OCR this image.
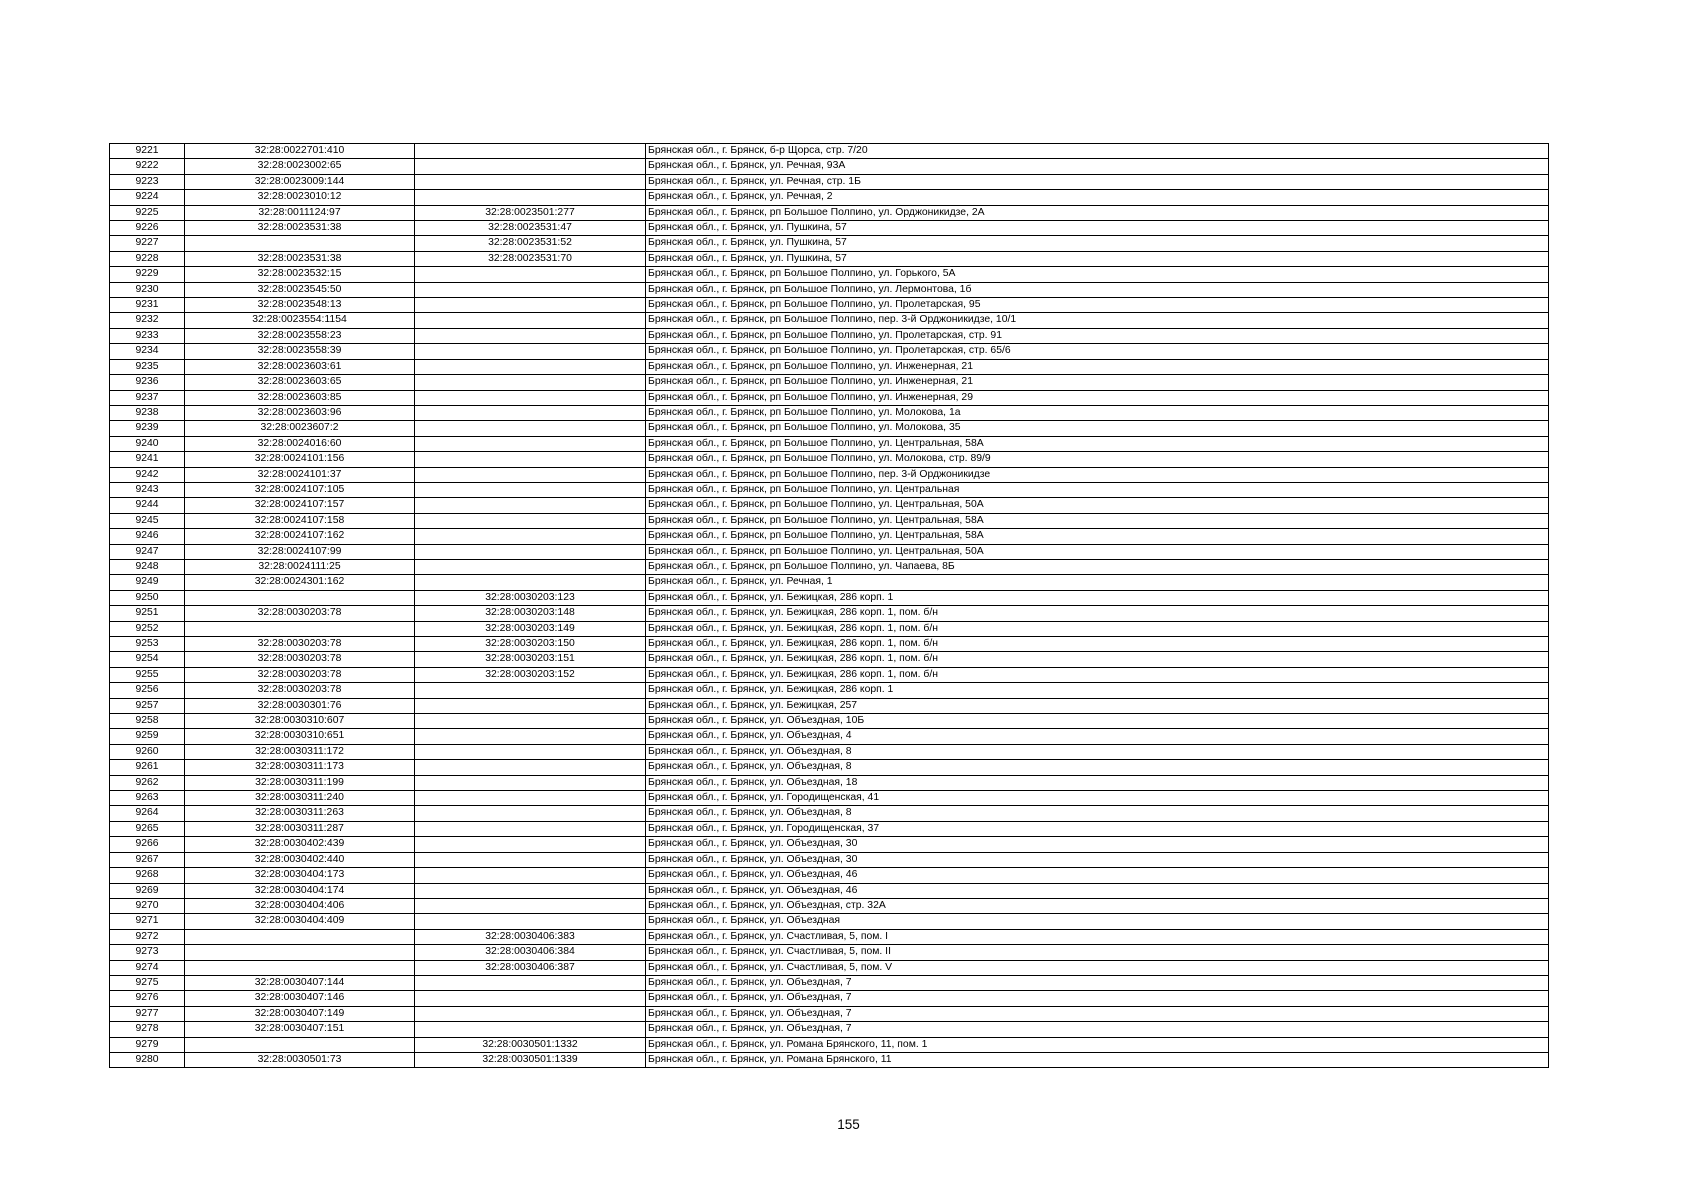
9221	32:28:0022701:410		Брянская обл., г. Брянск, б-р Щорса, стр. 7/20
9222	32:28:0023002:65		Брянская обл., г. Брянск, ул. Речная, 93А
9223	32:28:0023009:144		Брянская обл., г. Брянск, ул. Речная, стр. 1Б
9224	32:28:0023010:12		Брянская обл., г. Брянск, ул. Речная, 2
9225	32:28:0011124:97	32:28:0023501:277	Брянская обл., г. Брянск, рп Большое Полпино, ул. Орджоникидзе, 2А
9226	32:28:0023531:38	32:28:0023531:47	Брянская обл., г. Брянск, ул. Пушкина, 57
9227		32:28:0023531:52	Брянская обл., г. Брянск, ул. Пушкина, 57
9228	32:28:0023531:38	32:28:0023531:70	Брянская обл., г. Брянск, ул. Пушкина, 57
9229	32:28:0023532:15		Брянская обл., г. Брянск, рп Большое Полпино, ул. Горького, 5А
9230	32:28:0023545:50		Брянская обл., г. Брянск, рп Большое Полпино, ул. Лермонтова, 1б
9231	32:28:0023548:13		Брянская обл., г. Брянск, рп Большое Полпино, ул. Пролетарская, 95
9232	32:28:0023554:1154		Брянская обл., г. Брянск, рп Большое Полпино, пер. 3-й Орджоникидзе, 10/1
9233	32:28:0023558:23		Брянская обл., г. Брянск, рп Большое Полпино, ул. Пролетарская, стр. 91
9234	32:28:0023558:39		Брянская обл., г. Брянск, рп Большое Полпино, ул. Пролетарская, стр. 65/6
9235	32:28:0023603:61		Брянская обл., г. Брянск, рп Большое Полпино, ул. Инженерная, 21
9236	32:28:0023603:65		Брянская обл., г. Брянск, рп Большое Полпино, ул. Инженерная, 21
9237	32:28:0023603:85		Брянская обл., г. Брянск, рп Большое Полпино, ул. Инженерная, 29
9238	32:28:0023603:96		Брянская обл., г. Брянск, рп Большое Полпино, ул. Молокова, 1а
9239	32:28:0023607:2		Брянская обл., г. Брянск, рп Большое Полпино, ул. Молокова, 35
9240	32:28:0024016:60		Брянская обл., г. Брянск, рп Большое Полпино, ул. Центральная, 58А
9241	32:28:0024101:156		Брянская обл., г. Брянск, рп Большое Полпино, ул. Молокова, стр. 89/9
9242	32:28:0024101:37		Брянская обл., г. Брянск, рп Большое Полпино, пер. 3-й Орджоникидзе
9243	32:28:0024107:105		Брянская обл., г. Брянск, рп Большое Полпино, ул. Центральная
9244	32:28:0024107:157		Брянская обл., г. Брянск, рп Большое Полпино, ул. Центральная, 50А
9245	32:28:0024107:158		Брянская обл., г. Брянск, рп Большое Полпино, ул. Центральная, 58А
9246	32:28:0024107:162		Брянская обл., г. Брянск, рп Большое Полпино, ул. Центральная, 58А
9247	32:28:0024107:99		Брянская обл., г. Брянск, рп Большое Полпино, ул. Центральная, 50А
9248	32:28:0024111:25		Брянская обл., г. Брянск, рп Большое Полпино, ул. Чапаева, 8Б
9249	32:28:0024301:162		Брянская обл., г. Брянск, ул. Речная, 1
9250		32:28:0030203:123	Брянская обл., г. Брянск, ул. Бежицкая, 286 корп. 1
9251	32:28:0030203:78	32:28:0030203:148	Брянская обл., г. Брянск, ул. Бежицкая, 286 корп. 1, пом. б/н
9252		32:28:0030203:149	Брянская обл., г. Брянск, ул. Бежицкая, 286 корп. 1, пом. б/н
9253	32:28:0030203:78	32:28:0030203:150	Брянская обл., г. Брянск, ул. Бежицкая, 286 корп. 1, пом. б/н
9254	32:28:0030203:78	32:28:0030203:151	Брянская обл., г. Брянск, ул. Бежицкая, 286 корп. 1, пом. б/н
9255	32:28:0030203:78	32:28:0030203:152	Брянская обл., г. Брянск, ул. Бежицкая, 286 корп. 1, пом. б/н
9256	32:28:0030203:78		Брянская обл., г. Брянск, ул. Бежицкая, 286 корп. 1
9257	32:28:0030301:76		Брянская обл., г. Брянск, ул. Бежицкая, 257
9258	32:28:0030310:607		Брянская обл., г. Брянск, ул. Объездная, 10Б
9259	32:28:0030310:651		Брянская обл., г. Брянск, ул. Объездная, 4
9260	32:28:0030311:172		Брянская обл., г. Брянск, ул. Объездная, 8
9261	32:28:0030311:173		Брянская обл., г. Брянск, ул. Объездная, 8
9262	32:28:0030311:199		Брянская обл., г. Брянск, ул. Объездная, 18
9263	32:28:0030311:240		Брянская обл., г. Брянск, ул. Городищенская, 41
9264	32:28:0030311:263		Брянская обл., г. Брянск, ул. Объездная, 8
9265	32:28:0030311:287		Брянская обл., г. Брянск, ул. Городищенская, 37
9266	32:28:0030402:439		Брянская обл., г. Брянск, ул. Объездная, 30
9267	32:28:0030402:440		Брянская обл., г. Брянск, ул. Объездная, 30
9268	32:28:0030404:173		Брянская обл., г. Брянск, ул. Объездная, 46
9269	32:28:0030404:174		Брянская обл., г. Брянск, ул. Объездная, 46
9270	32:28:0030404:406		Брянская обл., г. Брянск, ул. Объездная, стр. 32А
9271	32:28:0030404:409		Брянская обл., г. Брянск, ул. Объездная
9272		32:28:0030406:383	Брянская обл., г. Брянск, ул. Счастливая, 5, пом. I
9273		32:28:0030406:384	Брянская обл., г. Брянск, ул. Счастливая, 5, пом. II
9274		32:28:0030406:387	Брянская обл., г. Брянск, ул. Счастливая, 5, пом. V
9275	32:28:0030407:144		Брянская обл., г. Брянск, ул. Объездная, 7
9276	32:28:0030407:146		Брянская обл., г. Брянск, ул. Объездная, 7
9277	32:28:0030407:149		Брянская обл., г. Брянск, ул. Объездная, 7
9278	32:28:0030407:151		Брянская обл., г. Брянск, ул. Объездная, 7
9279		32:28:0030501:1332	Брянская обл., г. Брянск, ул. Романа Брянского, 11, пом. 1
9280	32:28:0030501:73	32:28:0030501:1339	Брянская обл., г. Брянск, ул. Романа Брянского, 11
155
